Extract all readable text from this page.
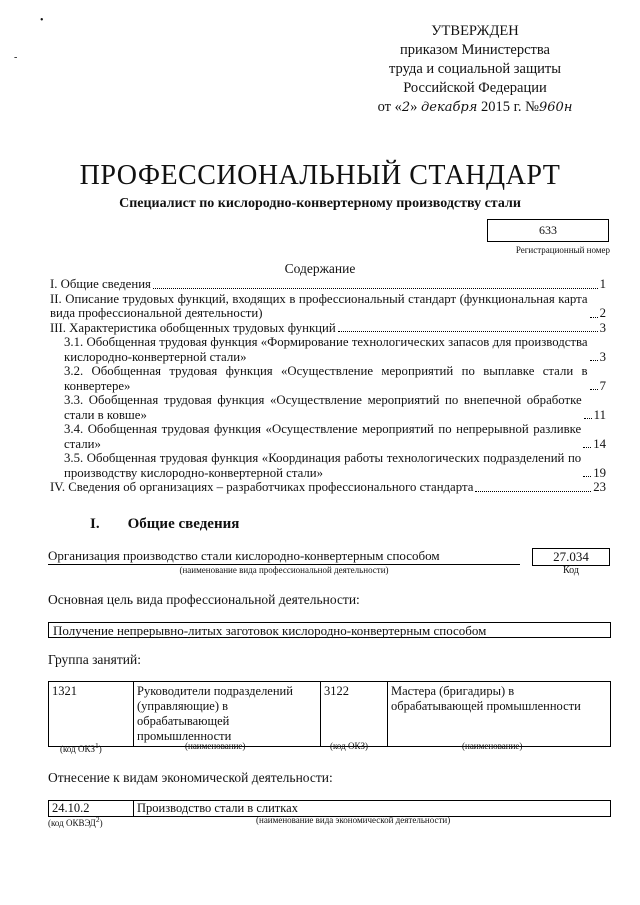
•
-
УТВЕРЖДЕН
приказом Министерства
труда и социальной защиты
Российской Федерации
от «2» декабря 2015 г. №960н
ПРОФЕССИОНАЛЬНЫЙ СТАНДАРТ
Специалист по кислородно-конвертерному производству стали
633
Регистрационный номер
Содержание
I. Общие сведения	1
II. Описание трудовых функций, входящих в профессиональный стандарт (функциональная карта вида профессиональной деятельности)	2
III. Характеристика обобщенных трудовых функций	3
3.1. Обобщенная трудовая функция «Формирование технологических запасов для производства кислородно-конвертерной стали»	3
3.2. Обобщенная трудовая функция «Осуществление мероприятий по выплавке стали в конвертере»	7
3.3. Обобщенная трудовая функция «Осуществление мероприятий по внепечной обработке стали в ковше»	11
3.4. Обобщенная трудовая функция «Осуществление мероприятий по непрерывной разливке стали»	14
3.5. Обобщенная трудовая функция «Координация работы технологических подразделений по производству кислородно-конвертерной стали»	19
IV. Сведения об организациях – разработчиках профессионального стандарта	23
I. Общие сведения
Организация производство стали кислородно-конвертерным способом
(наименование вида профессиональной деятельности)
27.034
Код
Основная цель вида профессиональной деятельности:
Получение непрерывно-литых заготовок кислородно-конвертерным способом
Группа занятий:
1321	Руководители подразделений (управляющие) в обрабатывающей промышленности	3122	Мастера (бригадиры) в обрабатывающей промышленности
(код ОКЗ$^1$)	(наименование)	(код ОКЗ)	(наименование)
Отнесение к видам экономической деятельности:
24.10.2	Производство стали в слитках
(код ОКВЭД$^2$)	(наименование вида экономической деятельности)
